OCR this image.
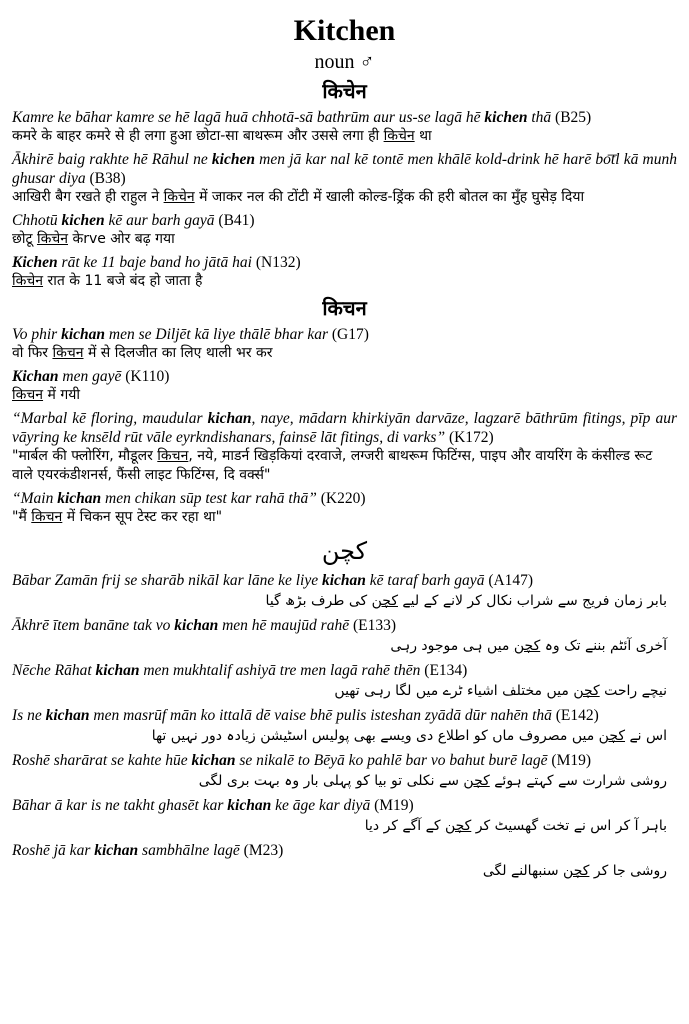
Kitchen
noun ♂
किचेन
Kamre ke bāhar kamre se hē lagā huā chhotā-sā bathrūm aur us-se lagā hē kichen thā (B25)
कमरे के बाहर कमरे से ही लगा हुआ छोटा-सा बाथरूम और उससे लगा ही किचेन था
Ākhirē baig rakhte hē Rāhul ne kichen men jā kar nal kē tontē men khālē kold-drink hē harē bo͞tl kā munh ghusar diya (B38)
आखिरी बैग रखते ही राहुल ने किचेन में जाकर नल की टोंटी में खाली कोल्ड-ड्रिंक की हरी बोतल का मुँह घुसेड़ दिया
Chhotū kichen kē aur barh gayā (B41)
छोटू किचेन केrve ओर बढ़ गया
Kichen rāt ke 11 baje band ho jātā hai (N132)
किचेन रात के 11 बजे बंद हो जाता है
किचन
Vo phir kichan men se Diljēt kā liye thālē bhar kar (G17)
वो फिर किचन में से दिलजीत का लिए थाली भर कर
Kichan men gayē (K110)
किचन में गयी
“Marbal kē floring, maudular kichan, naye, mādarn khirkiyān darvāze, lagzarē bāthrūm fitings, pīp aur vāyring ke knsēld rūt vāle eyrkndishanars, fainsē lāt fitings, di varks” (K172)
"मार्बल की फ्लोरिंग, मौडूलर किचन, नये, माडर्न खिड़कियां दरवाजे, लग्जरी बाथरूम फिटिंग्स, पाइप और वायरिंग के कंसील्ड रूट वाले एयरकंडीशनर्स, फैंसी लाइट फिटिंग्स, दि वर्क्स"
“Main kichan men chikan sūp test kar rahā thā” (K220)
"मैं किचन में चिकन सूप टेस्ट कर रहा था"
کچن
Bābar Zamān frij se sharāb nikāl kar lāne ke liye kichan kē taraf barh gayā (A147)
بابر زمان فریج سے شراب نکال کر لانے کے لیے کچن کی طرف بڑھ گیا
Ākhrē ītem banāne tak vo kichan men hē maujūd rahē (E133)
آخری آئٹم بننے تک وہ کچن میں ہی موجود رہی
Nēche Rāhat kichan men mukhtalif ashiyā tre men lagā rahē thēn (E134)
نیچے راحت کچن میں مختلف اشیاء ٹرے میں لگا رہی تھیں
Is ne kichan men masrūf mān ko ittalā dē vaise bhē pulis isteshan zyādā dūr nahēn thā (E142)
اس نے کچن میں مصروف ماں کو اطلاع دی ویسے بھی پولیس اسٹیشن زیادہ دور نہیں تھا
Roshē sharārat se kahte hūe kichan se nikalē to Bēyā ko pahlē bar vo bahut burē lagē (M19)
روشی شرارت سے کہتے ہوئے کچن سے نکلی تو بیا کو پہلی بار وہ بہت بری لگی
Bāhar ā kar is ne takht ghasēt kar kichan ke āge kar diyā (M19)
باہر آ کر اس نے تخت گھسیٹ کر کچن کے آگے کر دیا
Roshē jā kar kichan sambhālne lagē (M23)
روشی جا کر کچن سنبھالنے لگی
